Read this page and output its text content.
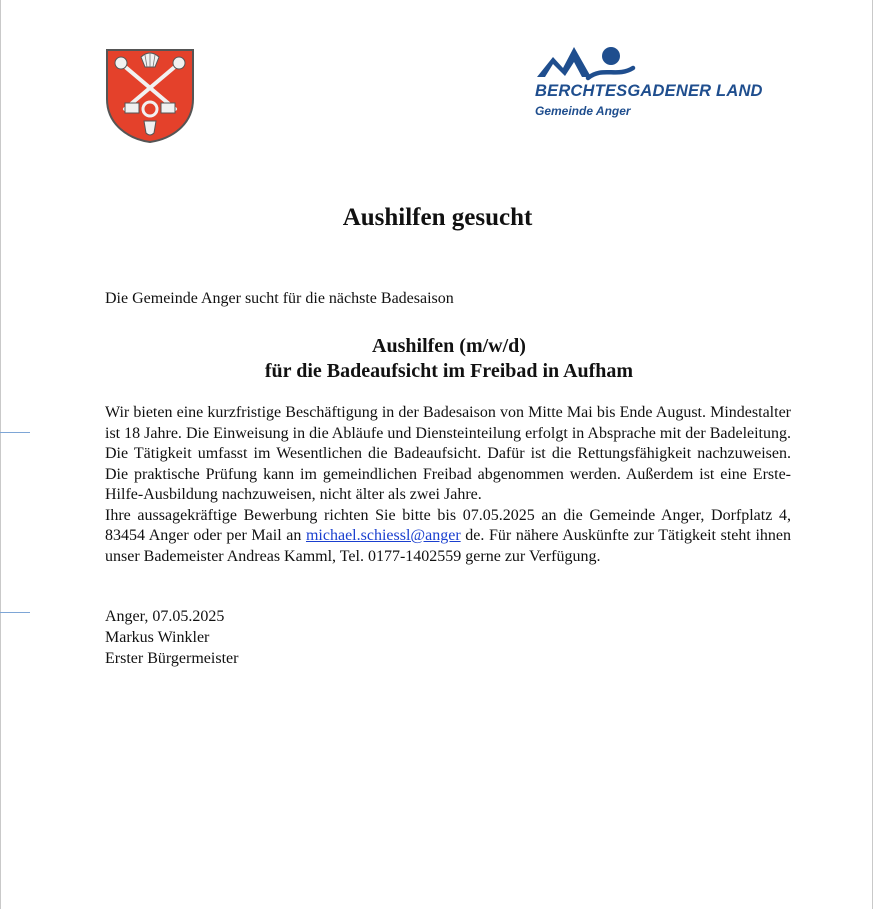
BERCHTESGADENER LAND

Gemeinde Anger

Aushilfen gesucht

Die Gemeinde Anger sucht für die nächste Badesaison

Aushilfen (m/w/d)
für die Badeaufsicht im Freibad in Aufham

Wir bieten eine kurzfristige Beschäftigung in der Badesaison von Mitte Mai bis Ende August. Mindestalter ist 18 Jahre. Die Einweisung in die Abläufe und Diensteinteilung erfolgt in Absprache mit der Badeleitung. Die Tätigkeit umfasst im Wesentlichen die Badeaufsicht. Dafür ist die Rettungsfähigkeit nachzuweisen. Die praktische Prüfung kann im gemeindlichen Freibad abgenommen werden. Außerdem ist eine Erste-Hilfe-Ausbildung nachzuweisen, nicht älter als zwei Jahre.

Ihre aussagekräftige Bewerbung richten Sie bitte bis 07.05.2025 an die Gemeinde Anger, Dorfplatz 4, 83454 Anger oder per Mail an michael.schiessl@anger de. Für nähere Auskünfte zur Tätigkeit steht ihnen unser Bademeister Andreas Kamml, Tel. 0177-1402559 gerne zur Verfügung.

Anger, 07.05.2025
Markus Winkler
Erster Bürgermeister
